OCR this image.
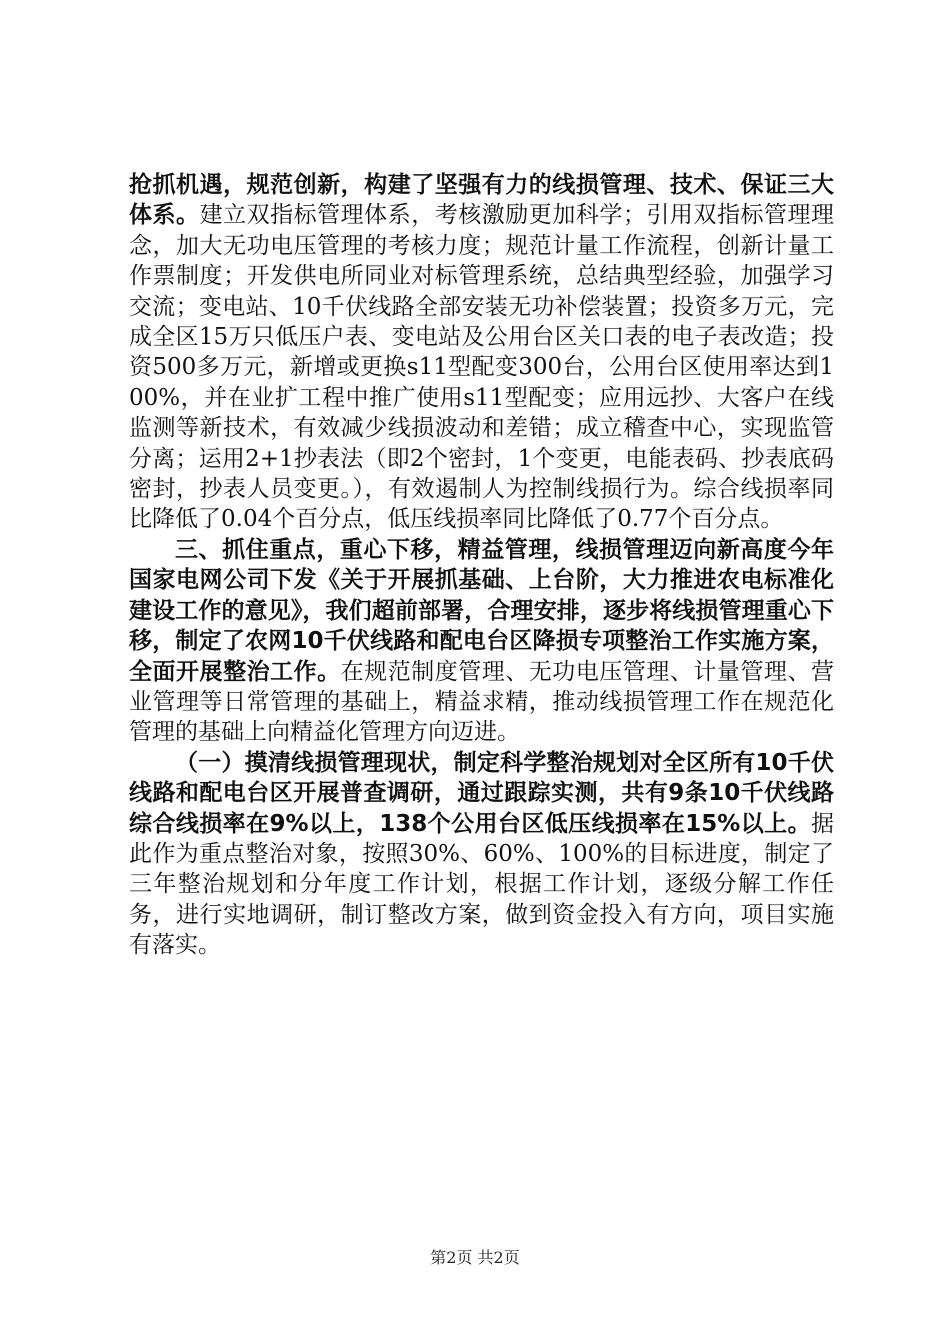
抢抓机遇，规范创新，构建了坚强有力的线损管理、技术、保证三大体系。建立双指标管理体系，考核激励更加科学；引用双指标管理理念，加大无功电压管理的考核力度；规范计量工作流程，创新计量工作票制度；开发供电所同业对标管理系统，总结典型经验，加强学习交流；变电站、10千伏线路全部安装无功补偿装置；投资多万元，完成全区15万只低压户表、变电站及公用台区关口表的电子表改造；投资500多万元，新增或更换s11型配变300台，公用台区使用率达到100%，并在业扩工程中推广使用s11型配变；应用远抄、大客户在线监测等新技术，有效减少线损波动和差错；成立稽查中心，实现监管分离；运用2+1抄表法（即2个密封，1个变更，电能表码、抄表底码密封，抄表人员变更。），有效遏制人为控制线损行为。综合线损率同比降低了0.04个百分点，低压线损率同比降低了0.77个百分点。

三、抓住重点，重心下移，精益管理，线损管理迈向新高度今年国家电网公司下发《关于开展抓基础、上台阶，大力推进农电标准化建设工作的意见》，我们超前部署，合理安排，逐步将线损管理重心下移，制定了农网10千伏线路和配电台区降损专项整治工作实施方案，全面开展整治工作。在规范制度管理、无功电压管理、计量管理、营业管理等日常管理的基础上，精益求精，推动线损管理工作在规范化管理的基础上向精益化管理方向迈进。

（一）摸清线损管理现状，制定科学整治规划对全区所有10千伏线路和配电台区开展普查调研，通过跟踪实测，共有9条10千伏线路综合线损率在9%以上，138个公用台区低压线损率在15%以上。据此作为重点整治对象，按照30%、60%、100%的目标进度，制定了三年整治规划和分年度工作计划，根据工作计划，逐级分解工作任务，进行实地调研，制订整改方案，做到资金投入有方向，项目实施有落实。

第2页 共2页
